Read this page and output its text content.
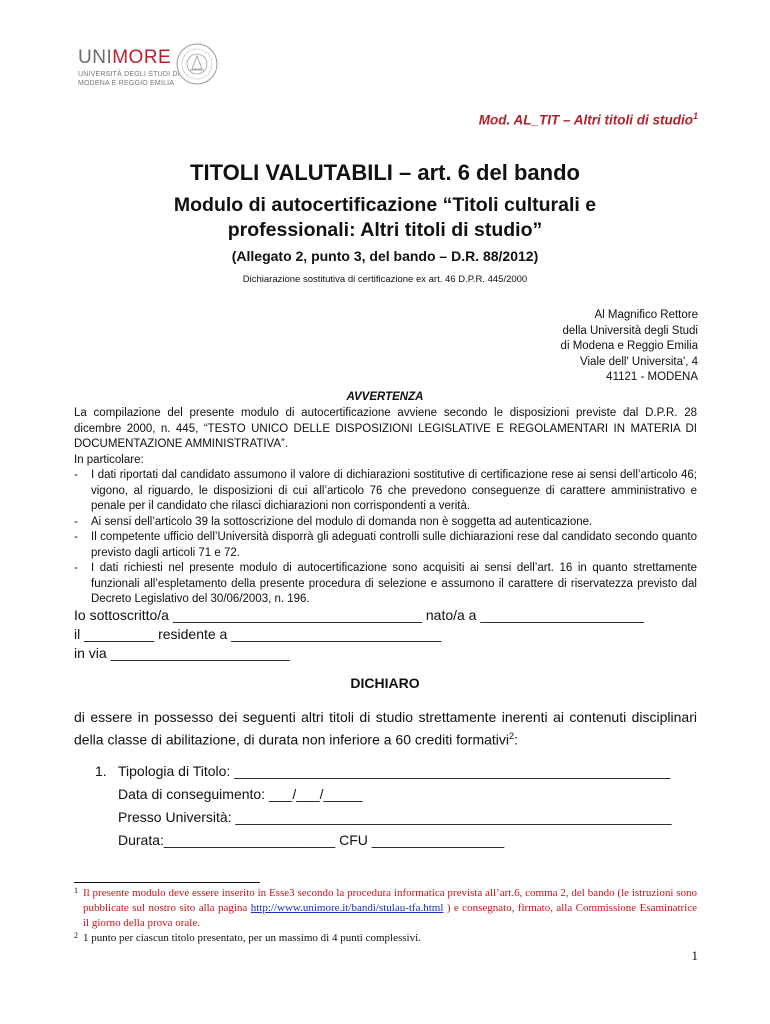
UNIMORE
UNIVERSITÀ DEGLI STUDI DI
MODENA E REGGIO EMILIA
Mod. AL_TIT – Altri titoli di studio$^1$
TITOLI VALUTABILI – art. 6 del bando
Modulo di autocertificazione “Titoli culturali e
professionali: Altri titoli di studio”
(Allegato 2, punto 3, del bando – D.R. 88/2012)
Dichiarazione sostitutiva di certificazione ex art. 46 D.P.R. 445/2000
Al Magnifico Rettore
della Università degli Studi
di Modena e Reggio Emilia
Viale dell' Universita', 4
41121 - MODENA
AVVERTENZA

La compilazione del presente modulo di autocertificazione avviene secondo le disposizioni previste dal D.P.R. 28 dicembre 2000, n. 445, “TESTO UNICO DELLE DISPOSIZIONI LEGISLATIVE E REGOLAMENTARI IN MATERIA DI DOCUMENTAZIONE AMMINISTRATIVA”.

In particolare:

- I dati riportati dal candidato assumono il valore di dichiarazioni sostitutive di certificazione rese ai sensi dell’articolo 46; vigono, al riguardo, le disposizioni di cui all’articolo 76 che prevedono conseguenze di carattere amministrativo e penale per il candidato che rilasci dichiarazioni non corrispondenti a verità.
- Ai sensi dell’articolo 39 la sottoscrizione del modulo di domanda non è soggetta ad autenticazione.
- Il competente ufficio dell’Università disporrà gli adeguati controlli sulle dichiarazioni rese dal candidato secondo quanto previsto dagli articoli 71 e 72.
- I dati richiesti nel presente modulo di autocertificazione sono acquisiti ai sensi dell’art. 16 in quanto strettamente funzionali all’espletamento della presente procedura di selezione e assumono il carattere di riservatezza previsto dal Decreto Legislativo del 30/06/2003, n. 196.
Io sottoscritto/a ________________________________ nato/a a _____________________
il _________ residente a ___________________________
in via _______________________
DICHIARO
di essere in possesso dei seguenti altri titoli di studio strettamente inerenti ai contenuti disciplinari della classe di abilitazione, di durata non inferiore a 60 crediti formativi$^2$:
1. Tipologia di Titolo: ________________________________________________________
Data di conseguimento: ___/___/_____
Presso Università: ________________________________________________________
Durata:______________________ CFU _________________
1 Il presente modulo deve essere inserito in Esse3 secondo la procedura informatica prevista all’art.6, comma 2, del bando (le istruzioni sono pubblicate sul nostro sito alla pagina http://www.unimore.it/bandi/stulau-tfa.html ) e consegnato, firmato, alla Commissione Esaminatrice il giorno della prova orale.
2 1 punto per ciascun titolo presentato, per un massimo di 4 punti complessivi.
1
